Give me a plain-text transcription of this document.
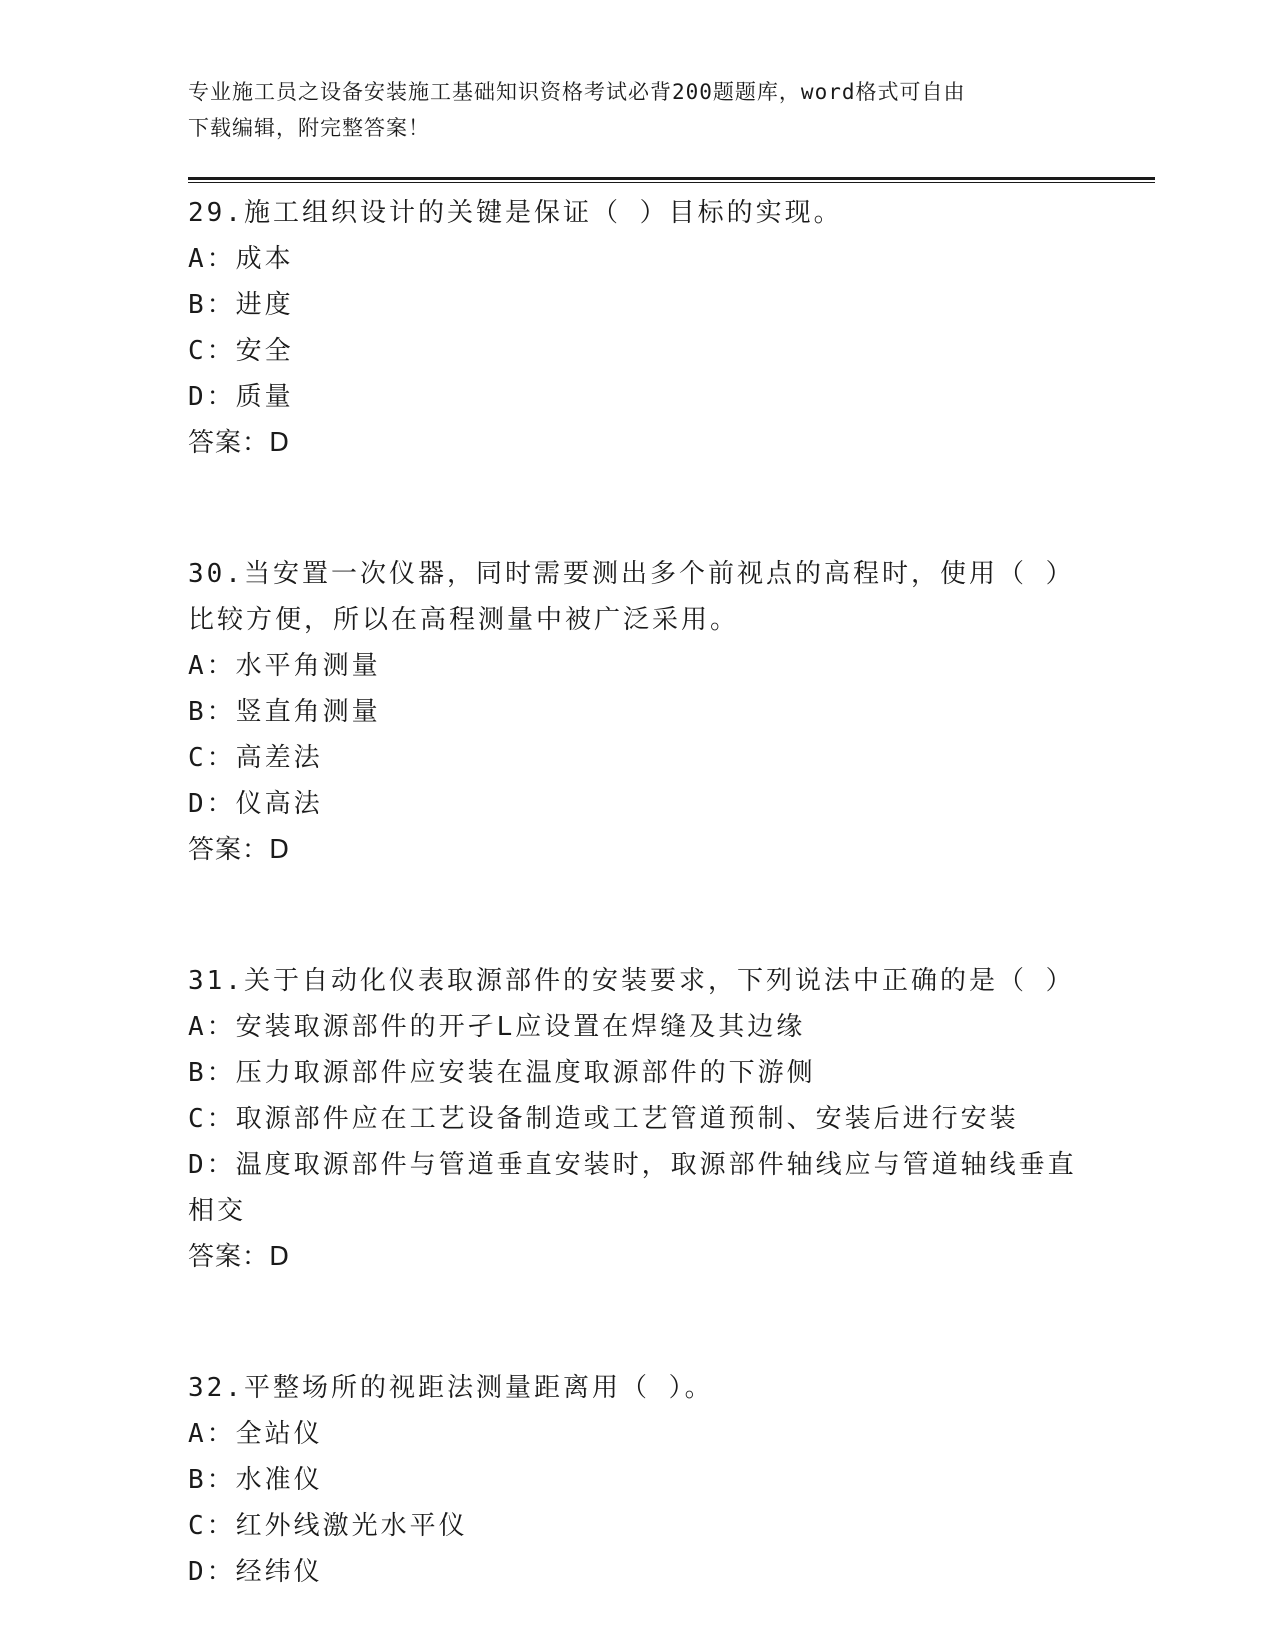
专业施工员之设备安装施工基础知识资格考试必背200题题库，word格式可自由
下载编辑，附完整答案！

29.施工组织设计的关键是保证（ ）目标的实现。

A：成本

B：进度

C：安全

D：质量

答案：D

30.当安置一次仪器，同时需要测出多个前视点的高程时，使用（ ）

比较方便，所以在高程测量中被广泛采用。

A：水平角测量

B：竖直角测量

C：高差法

D：仪高法

答案：D

31.关于自动化仪表取源部件的安装要求，下列说法中正确的是（ ）

A：安装取源部件的开孑L应设置在焊缝及其边缘

B：压力取源部件应安装在温度取源部件的下游侧

C：取源部件应在工艺设备制造或工艺管道预制、安装后进行安装

D：温度取源部件与管道垂直安装时，取源部件轴线应与管道轴线垂直

相交

答案：D

32.平整场所的视距法测量距离用（ ）。

A：全站仪

B：水准仪

C：红外线激光水平仪

D：经纬仪
